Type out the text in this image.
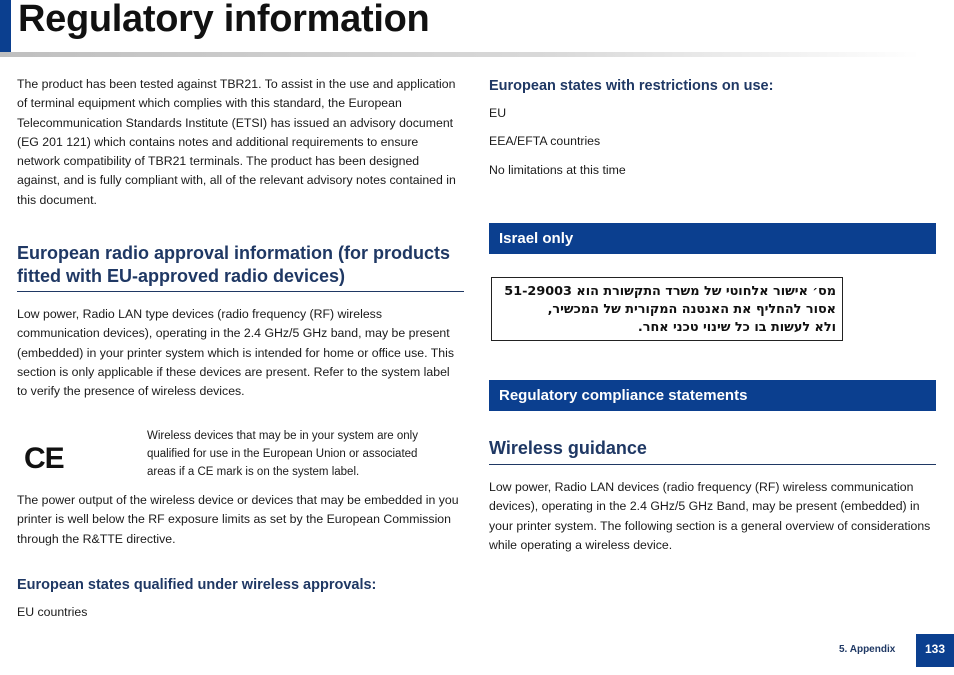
Regulatory information

The product has been tested against TBR21. To assist in the use and application of terminal equipment which complies with this standard, the European Telecommunication Standards Institute (ETSI) has issued an advisory document (EG 201 121) which contains notes and additional requirements to ensure network compatibility of TBR21 terminals. The product has been designed against, and is fully compliant with, all of the relevant advisory notes contained in this document.

European radio approval information (for products fitted with EU-approved radio devices)

Low power, Radio LAN type devices (radio frequency (RF) wireless communication devices), operating in the 2.4 GHz/5 GHz band, may be present (embedded) in your printer system which is intended for home or office use. This section is only applicable if these devices are present. Refer to the system label to verify the presence of wireless devices.

CE

Wireless devices that may be in your system are only qualified for use in the European Union or associated areas if a CE mark is on the system label.

The power output of the wireless device or devices that may be embedded in you printer is well below the RF exposure limits as set by the European Commission through the R&TTE directive.

European states qualified under wireless approvals:

EU countries

European states with restrictions on use:

EU

EEA/EFTA countries

No limitations at this time

Israel only
מס׳ אישור אלחוטי של משרד התקשורת הוא 51-29003
אסור להחליף את האנטנה המקורית של המכשיר,
ולא לעשות בו כל שינוי טכני אחר.
Regulatory compliance statements
Wireless guidance

Low power, Radio LAN devices (radio frequency (RF) wireless communication devices), operating in the 2.4 GHz/5 GHz Band, may be present (embedded) in your printer system. The following section is a general overview of considerations while operating a wireless device.

5. Appendix	133
